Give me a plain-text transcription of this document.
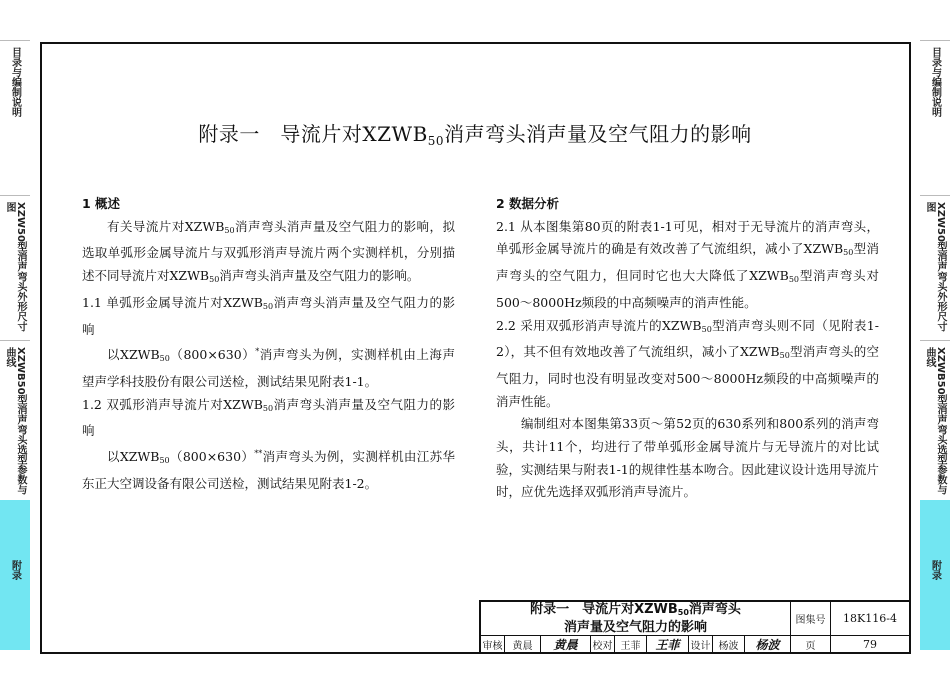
目录与编制说明
XZW50型消声弯头外形尺寸图
XZWB50型消声弯头选型参数与曲线
附录
目录与编制说明
XZW50型消声弯头外形尺寸图
XZWB50型消声弯头选型参数与曲线
附录
附录一　导流片对$XZWB_{50}$消声弯头消声量及空气阻力的影响

1 概述

有关导流片对$XZWB_{50}$消声弯头消声量及空气阻力的影响，拟选取单弧形金属导流片与双弧形消声导流片两个实测样机，分别描述不同导流片对$XZWB_{50}$消声弯头消声量及空气阻力的影响。

1.1 单弧形金属导流片对$XZWB_{50}$消声弯头消声量及空气阻力的影响

以$XZWB_{50}(800\times 630)^*$消声弯头为例，实测样机由上海声望声学科技股份有限公司送检，测试结果见附表1-1。

1.2 双弧形消声导流片对$XZWB_{50}$消声弯头消声量及空气阻力的影响

以$XZWB_{50}(800\times 630)^{**}$消声弯头为例，实测样机由江苏华东正大空调设备有限公司送检，测试结果见附表1-2。

2 数据分析

2.1 从本图集第80页的附表1-1可见，相对于无导流片的消声弯头，单弧形金属导流片的确是有效改善了气流组织，减小了$XZWB_{50}$型消声弯头的空气阻力，但同时它也大大降低了$XZWB_{50}$型消声弯头对500～8000Hz频段的中高频噪声的消声性能。

2.2 采用双弧形消声导流片的$XZWB_{50}$型消声弯头则不同（见附表1-2），其不但有效地改善了气流组织，减小了$XZWB_{50}$型消声弯头的空气阻力，同时也没有明显改变对500～8000Hz频段的中高频噪声的消声性能。

编制组对本图集第33页～第52页的630系列和800系列的消声弯头，共计11个，均进行了带单弧形金属导流片与无导流片的对比试验，实测结果与附表1-1的规律性基本吻合。因此建议设计选用导流片时，应优先选择双弧形消声导流片。

附录一　导流片对$XZWB_{50}$消声弯头
消声量及空气阻力的影响	图集号	18K116-4
审核	黄晨	黄晨	校对 王菲	王菲	设计 杨波	杨波	页	79
